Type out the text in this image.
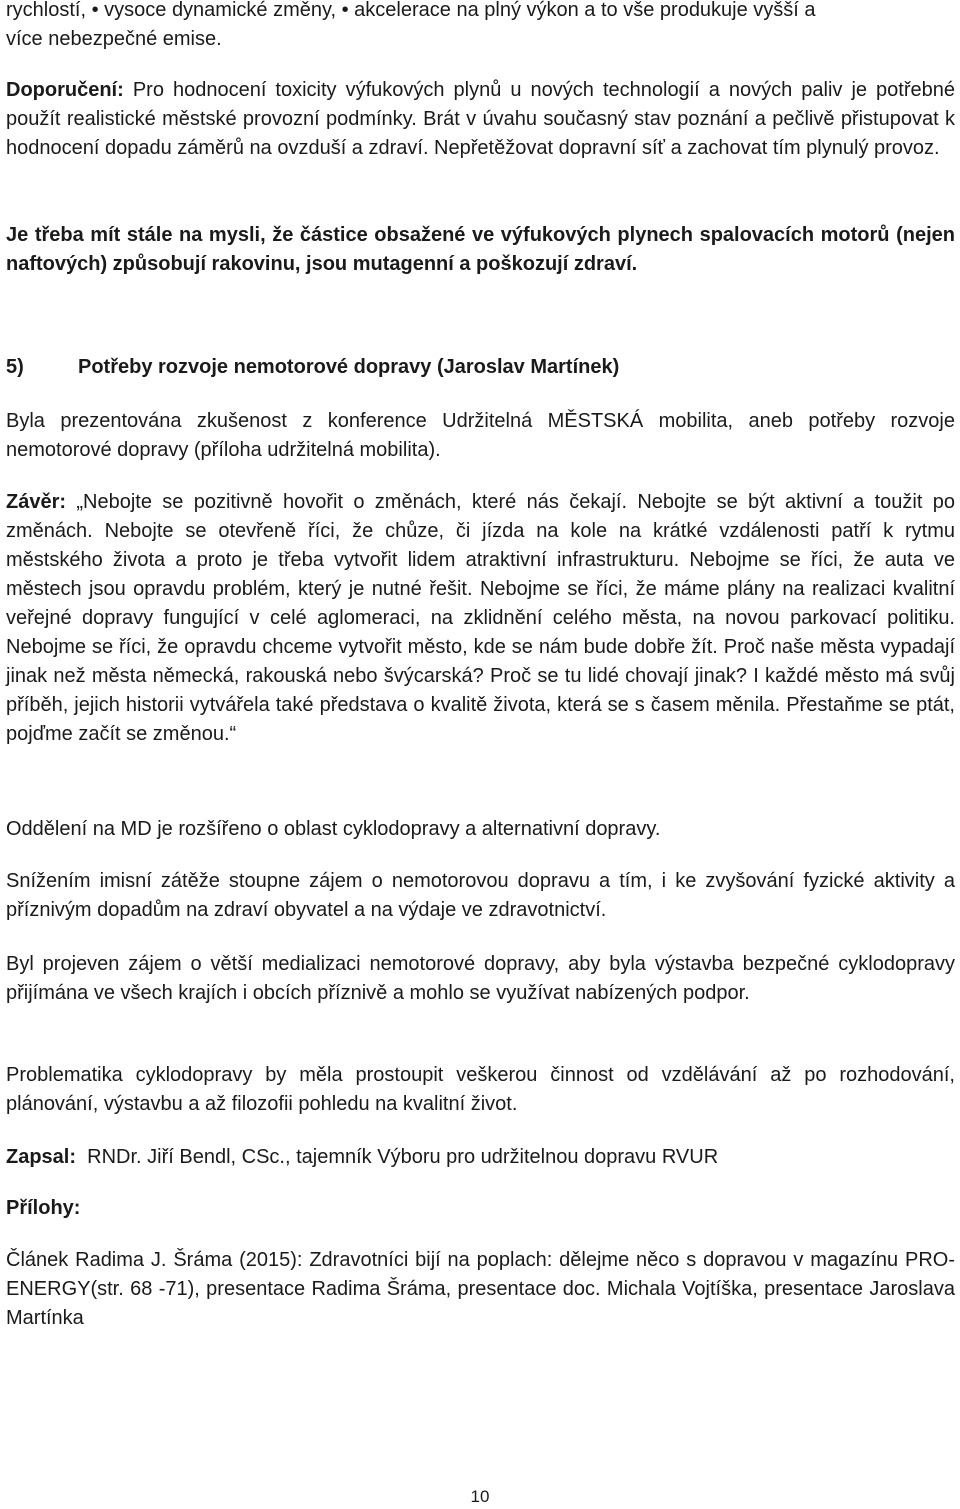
rychlostí, • vysoce dynamické změny, • akcelerace na plný výkon a to vše produkuje vyšší a
více nebezpečné emise.

Doporučení: Pro hodnocení toxicity výfukových plynů u nových technologií a nových paliv je potřebné použít realistické městské provozní podmínky. Brát v úvahu současný stav poznání a pečlivě přistupovat k hodnocení dopadu záměrů na ovzduší a zdraví. Nepřetěžovat dopravní síť a zachovat tím plynulý provoz.

Je třeba mít stále na mysli, že částice obsažené ve výfukových plynech spalovacích motorů (nejen naftových) způsobují rakovinu, jsou mutagenní a poškozují zdraví.

5)	Potřeby rozvoje nemotorové dopravy (Jaroslav Martínek)

Byla prezentována zkušenost z konference Udržitelná MĚSTSKÁ mobilita, aneb potřeby rozvoje nemotorové dopravy (příloha udržitelná mobilita).

Závěr: „Nebojte se pozitivně hovořit o změnách, které nás čekají. Nebojte se být aktivní a toužit po změnách. Nebojte se otevřeně říci, že chůze, či jízda na kole na krátké vzdálenosti patří k rytmu městského života a proto je třeba vytvořit lidem atraktivní infrastrukturu. Nebojme se říci, že auta ve městech jsou opravdu problém, který je nutné řešit. Nebojme se říci, že máme plány na realizaci kvalitní veřejné dopravy fungující v celé aglomeraci, na zklidnění celého města, na novou parkovací politiku. Nebojme se říci, že opravdu chceme vytvořit město, kde se nám bude dobře žít. Proč naše města vypadají jinak než města německá, rakouská nebo švýcarská? Proč se tu lidé chovají jinak? I každé město má svůj příběh, jejich historii vytvářela také představa o kvalitě života, která se s časem měnila. Přestaňme se ptát, pojďme začít se změnou.“

Oddělení na MD je rozšířeno o oblast cyklodopravy a alternativní dopravy.

Snížením imisní zátěže stoupne zájem o nemotorovou dopravu a tím, i ke zvyšování fyzické aktivity a příznivým dopadům na zdraví obyvatel a na výdaje ve zdravotnictví.

Byl projeven zájem o větší medializaci nemotorové dopravy, aby byla výstavba bezpečné cyklodopravy přijímána ve všech krajích i obcích příznivě a mohlo se využívat nabízených podpor.

Problematika cyklodopravy by měla prostoupit veškerou činnost od vzdělávání až po rozhodování, plánování, výstavbu a až filozofii pohledu na kvalitní život.

Zapsal: RNDr. Jiří Bendl, CSc., tajemník Výboru pro udržitelnou dopravu RVUR

Přílohy:

Článek Radima J. Šráma (2015): Zdravotníci bijí na poplach: dělejme něco s dopravou v magazínu PRO-ENERGY(str. 68 -71), presentace Radima Šráma, presentace doc. Michala Vojtíška, presentace Jaroslava Martínka

10
